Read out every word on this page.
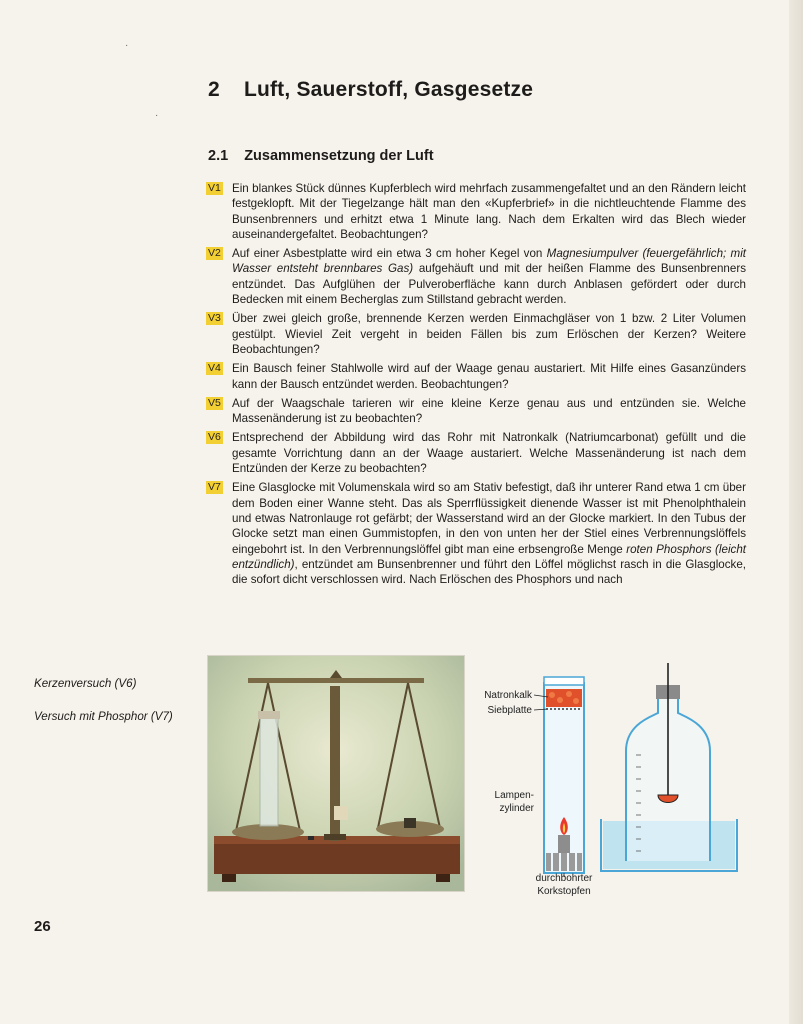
·
·
2 Luft, Sauerstoff, Gasgesetze
2.1 Zusammensetzung der Luft
V1 Ein blankes Stück dünnes Kupferblech wird mehrfach zusammengefaltet und an den Rändern leicht festgeklopft. Mit der Tiegelzange hält man den «Kupferbrief» in die nichtleuchtende Flamme des Bunsenbrenners und erhitzt etwa 1 Minute lang. Nach dem Erkalten wird das Blech wieder auseinandergefaltet. Beobachtungen?
V2 Auf einer Asbestplatte wird ein etwa 3 cm hoher Kegel von Magnesiumpulver (feuergefährlich; mit Wasser entsteht brennbares Gas) aufgehäuft und mit der heißen Flamme des Bunsenbrenners entzündet. Das Aufglühen der Pulveroberfläche kann durch Anblasen gefördert oder durch Bedecken mit einem Becherglas zum Stillstand gebracht werden.
V3 Über zwei gleich große, brennende Kerzen werden Einmachgläser von 1 bzw. 2 Liter Volumen gestülpt. Wieviel Zeit vergeht in beiden Fällen bis zum Erlöschen der Kerzen? Weitere Beobachtungen?
V4 Ein Bausch feiner Stahlwolle wird auf der Waage genau austariert. Mit Hilfe eines Gasanzünders kann der Bausch entzündet werden. Beobachtungen?
V5 Auf der Waagschale tarieren wir eine kleine Kerze genau aus und entzünden sie. Welche Massenänderung ist zu beobachten?
V6 Entsprechend der Abbildung wird das Rohr mit Natronkalk (Natriumcarbonat) gefüllt und die gesamte Vorrichtung dann an der Waage austariert. Welche Massenänderung ist nach dem Entzünden der Kerze zu beobachten?
V7 Eine Glasglocke mit Volumenskala wird so am Stativ befestigt, daß ihr unterer Rand etwa 1 cm über dem Boden einer Wanne steht. Das als Sperrflüssigkeit dienende Wasser ist mit Phenolphthalein und etwas Natronlauge rot gefärbt; der Wasserstand wird an der Glocke markiert. In den Tubus der Glocke setzt man einen Gummistopfen, in den von unten her der Stiel eines Verbrennungslöffels eingebohrt ist. In den Verbrennungslöffel gibt man eine erbsengroße Menge roten Phosphors (leicht entzündlich), entzündet am Bunsenbrenner und führt den Löffel möglichst rasch in die Glasglocke, die sofort dicht verschlossen wird. Nach Erlöschen des Phosphors und nach
Kerzenversuch (V6)
Versuch mit Phosphor (V7)
Natronkalk
Siebplatte
Lampen-
zylinder
durchbohrter
Korkstopfen
26
